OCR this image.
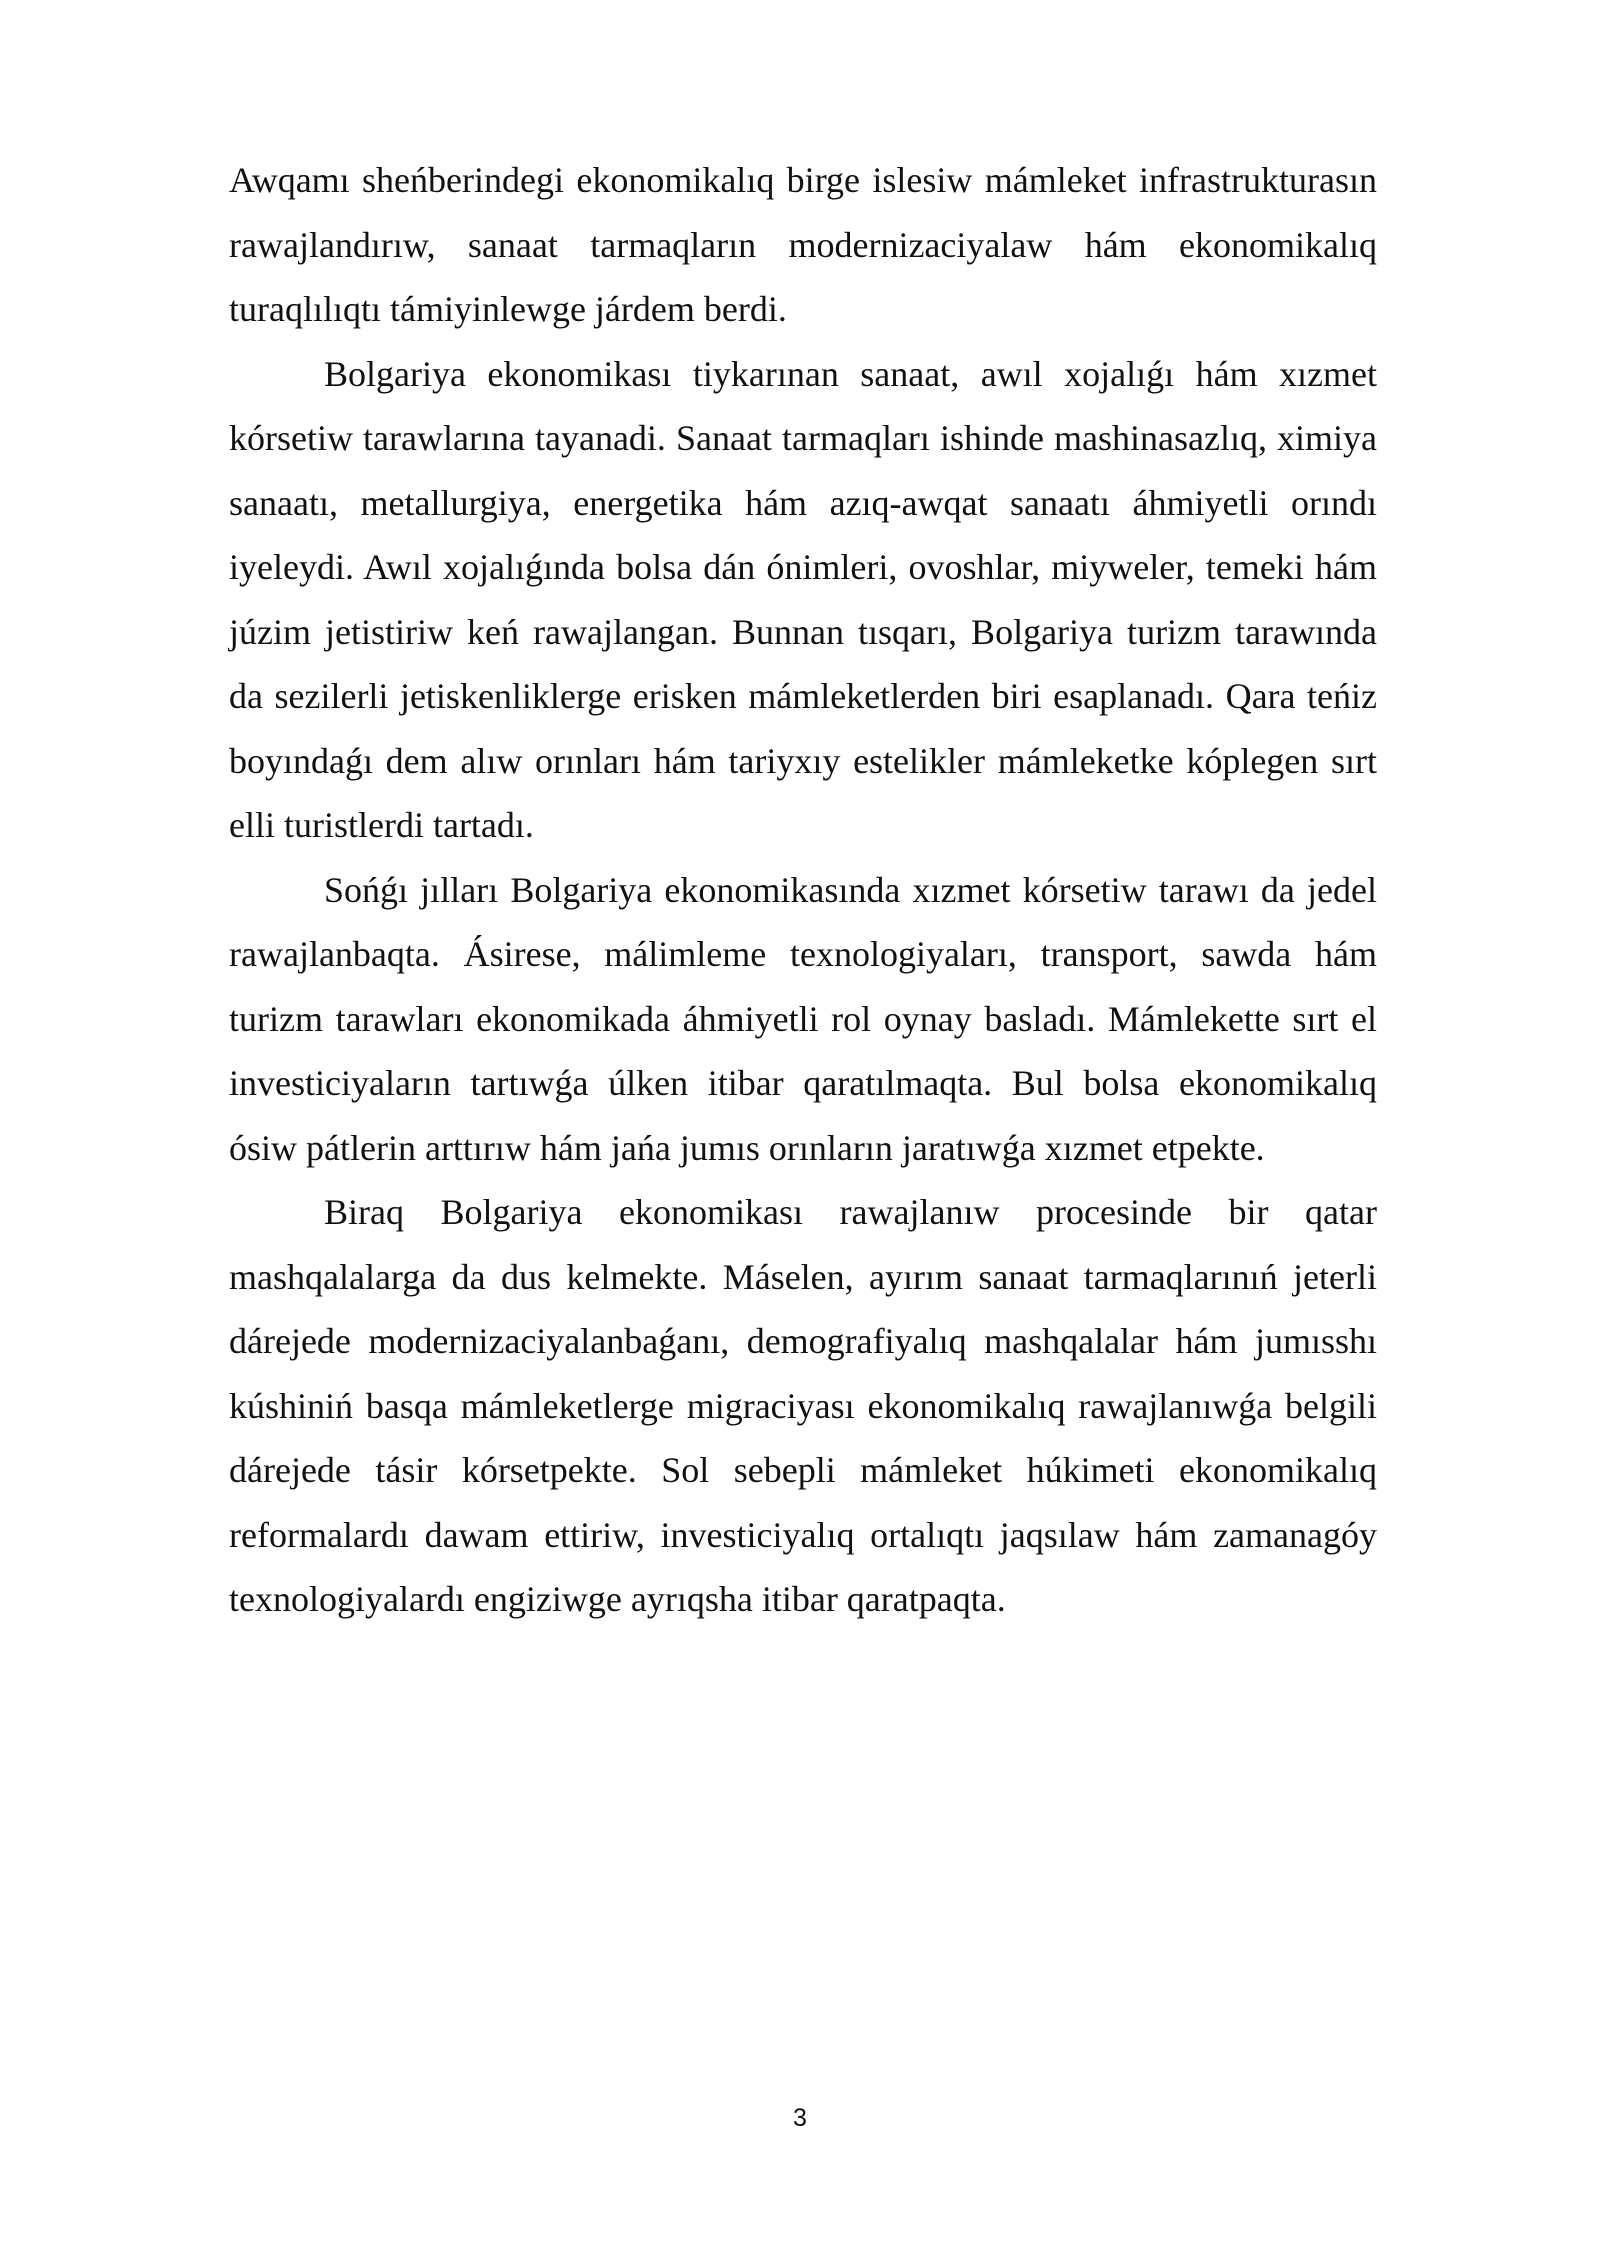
Awqamı sheńberindegi ekonomikalıq birge islesiw mámleket infrastrukturasın rawajlandırıw, sanaat tarmaqların modernizaciyalaw hám ekonomikalıq turaqlılıqtı támiyinlewge járdem berdi.

Bolgariya ekonomikası tiykarınan sanaat, awıl xojalıǵı hám xızmet kórsetiw tarawlarına tayanadi. Sanaat tarmaqları ishinde mashinasazlıq, ximiya sanaatı, metallurgiya, energetika hám azıq-awqat sanaatı áhmiyetli orındı iyeleydi. Awıl xojalıǵında bolsa dán ónimleri, ovoshlar, miyweler, temeki hám júzim jetistiriw keń rawajlangan. Bunnan tısqarı, Bolgariya turizm tarawında da sezilerli jetiskenliklerge erisken mámleketlerden biri esaplanadı. Qara teńiz boyındaǵı dem alıw orınları hám tariyxıy estelikler mámleketke kóplegen sırt elli turistlerdi tartadı.

Sońǵı jılları Bolgariya ekonomikasında xızmet kórsetiw tarawı da jedel rawajlanbaqta. Ásirese, málimleme texnologiyaları, transport, sawda hám turizm tarawları ekonomikada áhmiyetli rol oynay basladı. Mámlekette sırt el investiciyaların tartıwǵa úlken itibar qaratılmaqta. Bul bolsa ekonomikalıq ósiw pátlerin arttırıw hám jańa jumıs orınların jaratıwǵa xızmet etpekte.

Biraq Bolgariya ekonomikası rawajlanıw procesinde bir qatar mashqalalarga da dus kelmekte. Máselen, ayırım sanaat tarmaqlarınıń jeterli dárejede modernizaciyalanbaǵanı, demografiyalıq mashqalalar hám jumısshı kúshiniń basqa mámleketlerge migraciyası ekonomikalıq rawajlanıwǵa belgili dárejede tásir kórsetpekte. Sol sebepli mámleket húkimeti ekonomikalıq reformalardı dawam ettiriw, investiciyalıq ortalıqtı jaqsılaw hám zamanagóy texnologiyalardı engiziwge ayrıqsha itibar qaratpaqta.

3
